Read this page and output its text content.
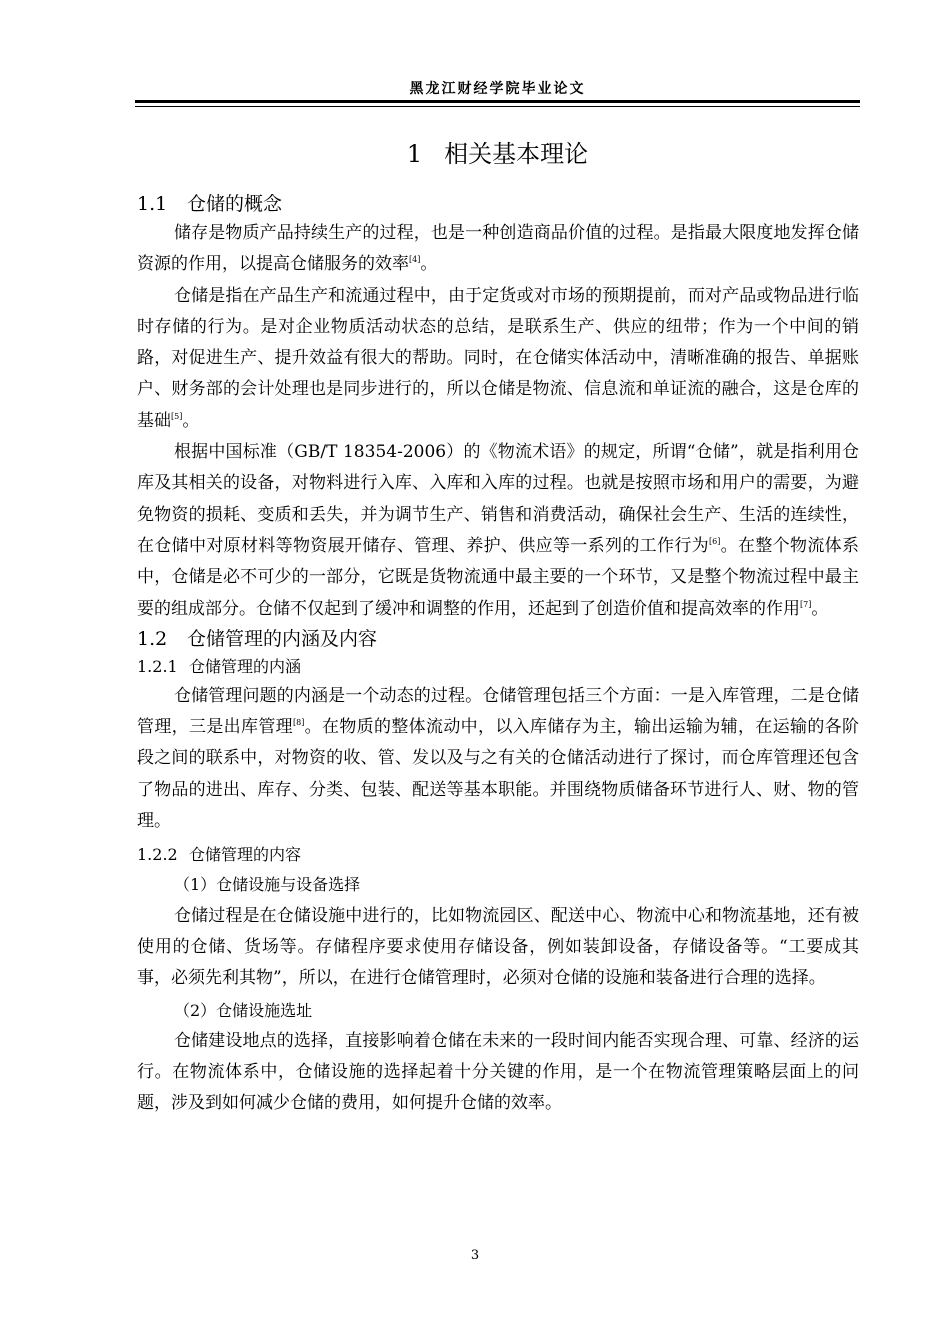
黑龙江财经学院毕业论文
1 相关基本理论
1.1 仓储的概念

储存是物质产品持续生产的过程，也是一种创造商品价值的过程。是指最大限度地发挥仓储资源的作用，以提高仓储服务的效率[4]。

仓储是指在产品生产和流通过程中，由于定货或对市场的预期提前，而对产品或物品进行临时存储的行为。是对企业物质活动状态的总结，是联系生产、供应的纽带；作为一个中间的销路，对促进生产、提升效益有很大的帮助。同时，在仓储实体活动中，清晰准确的报告、单据账户、财务部的会计处理也是同步进行的，所以仓储是物流、信息流和单证流的融合，这是仓库的基础[5]。

根据中国标准（GB/T 18354-2006）的《物流术语》的规定，所谓“仓储”，就是指利用仓库及其相关的设备，对物料进行入库、入库和入库的过程。也就是按照市场和用户的需要，为避免物资的损耗、变质和丢失，并为调节生产、销售和消费活动，确保社会生产、生活的连续性，在仓储中对原材料等物资展开储存、管理、养护、供应等一系列的工作行为[6]。在整个物流体系中，仓储是必不可少的一部分，它既是货物流通中最主要的一个环节，又是整个物流过程中最主要的组成部分。仓储不仅起到了缓冲和调整的作用，还起到了创造价值和提高效率的作用[7]。

1.2 仓储管理的内涵及内容
1.2.1 仓储管理的内涵

仓储管理问题的内涵是一个动态的过程。仓储管理包括三个方面：一是入库管理，二是仓储管理，三是出库管理[8]。在物质的整体流动中，以入库储存为主，输出运输为辅，在运输的各阶段之间的联系中，对物资的收、管、发以及与之有关的仓储活动进行了探讨，而仓库管理还包含了物品的进出、库存、分类、包装、配送等基本职能。并围绕物质储备环节进行人、财、物的管理。

1.2.2 仓储管理的内容
（1）仓储设施与设备选择

仓储过程是在仓储设施中进行的，比如物流园区、配送中心、物流中心和物流基地，还有被使用的仓储、货场等。存储程序要求使用存储设备，例如装卸设备，存储设备等。“工要成其事，必须先利其物”，所以，在进行仓储管理时，必须对仓储的设施和装备进行合理的选择。

（2）仓储设施选址

仓储建设地点的选择，直接影响着仓储在未来的一段时间内能否实现合理、可靠、经济的运行。在物流体系中，仓储设施的选择起着十分关键的作用，是一个在物流管理策略层面上的问题，涉及到如何减少仓储的费用，如何提升仓储的效率。

3
